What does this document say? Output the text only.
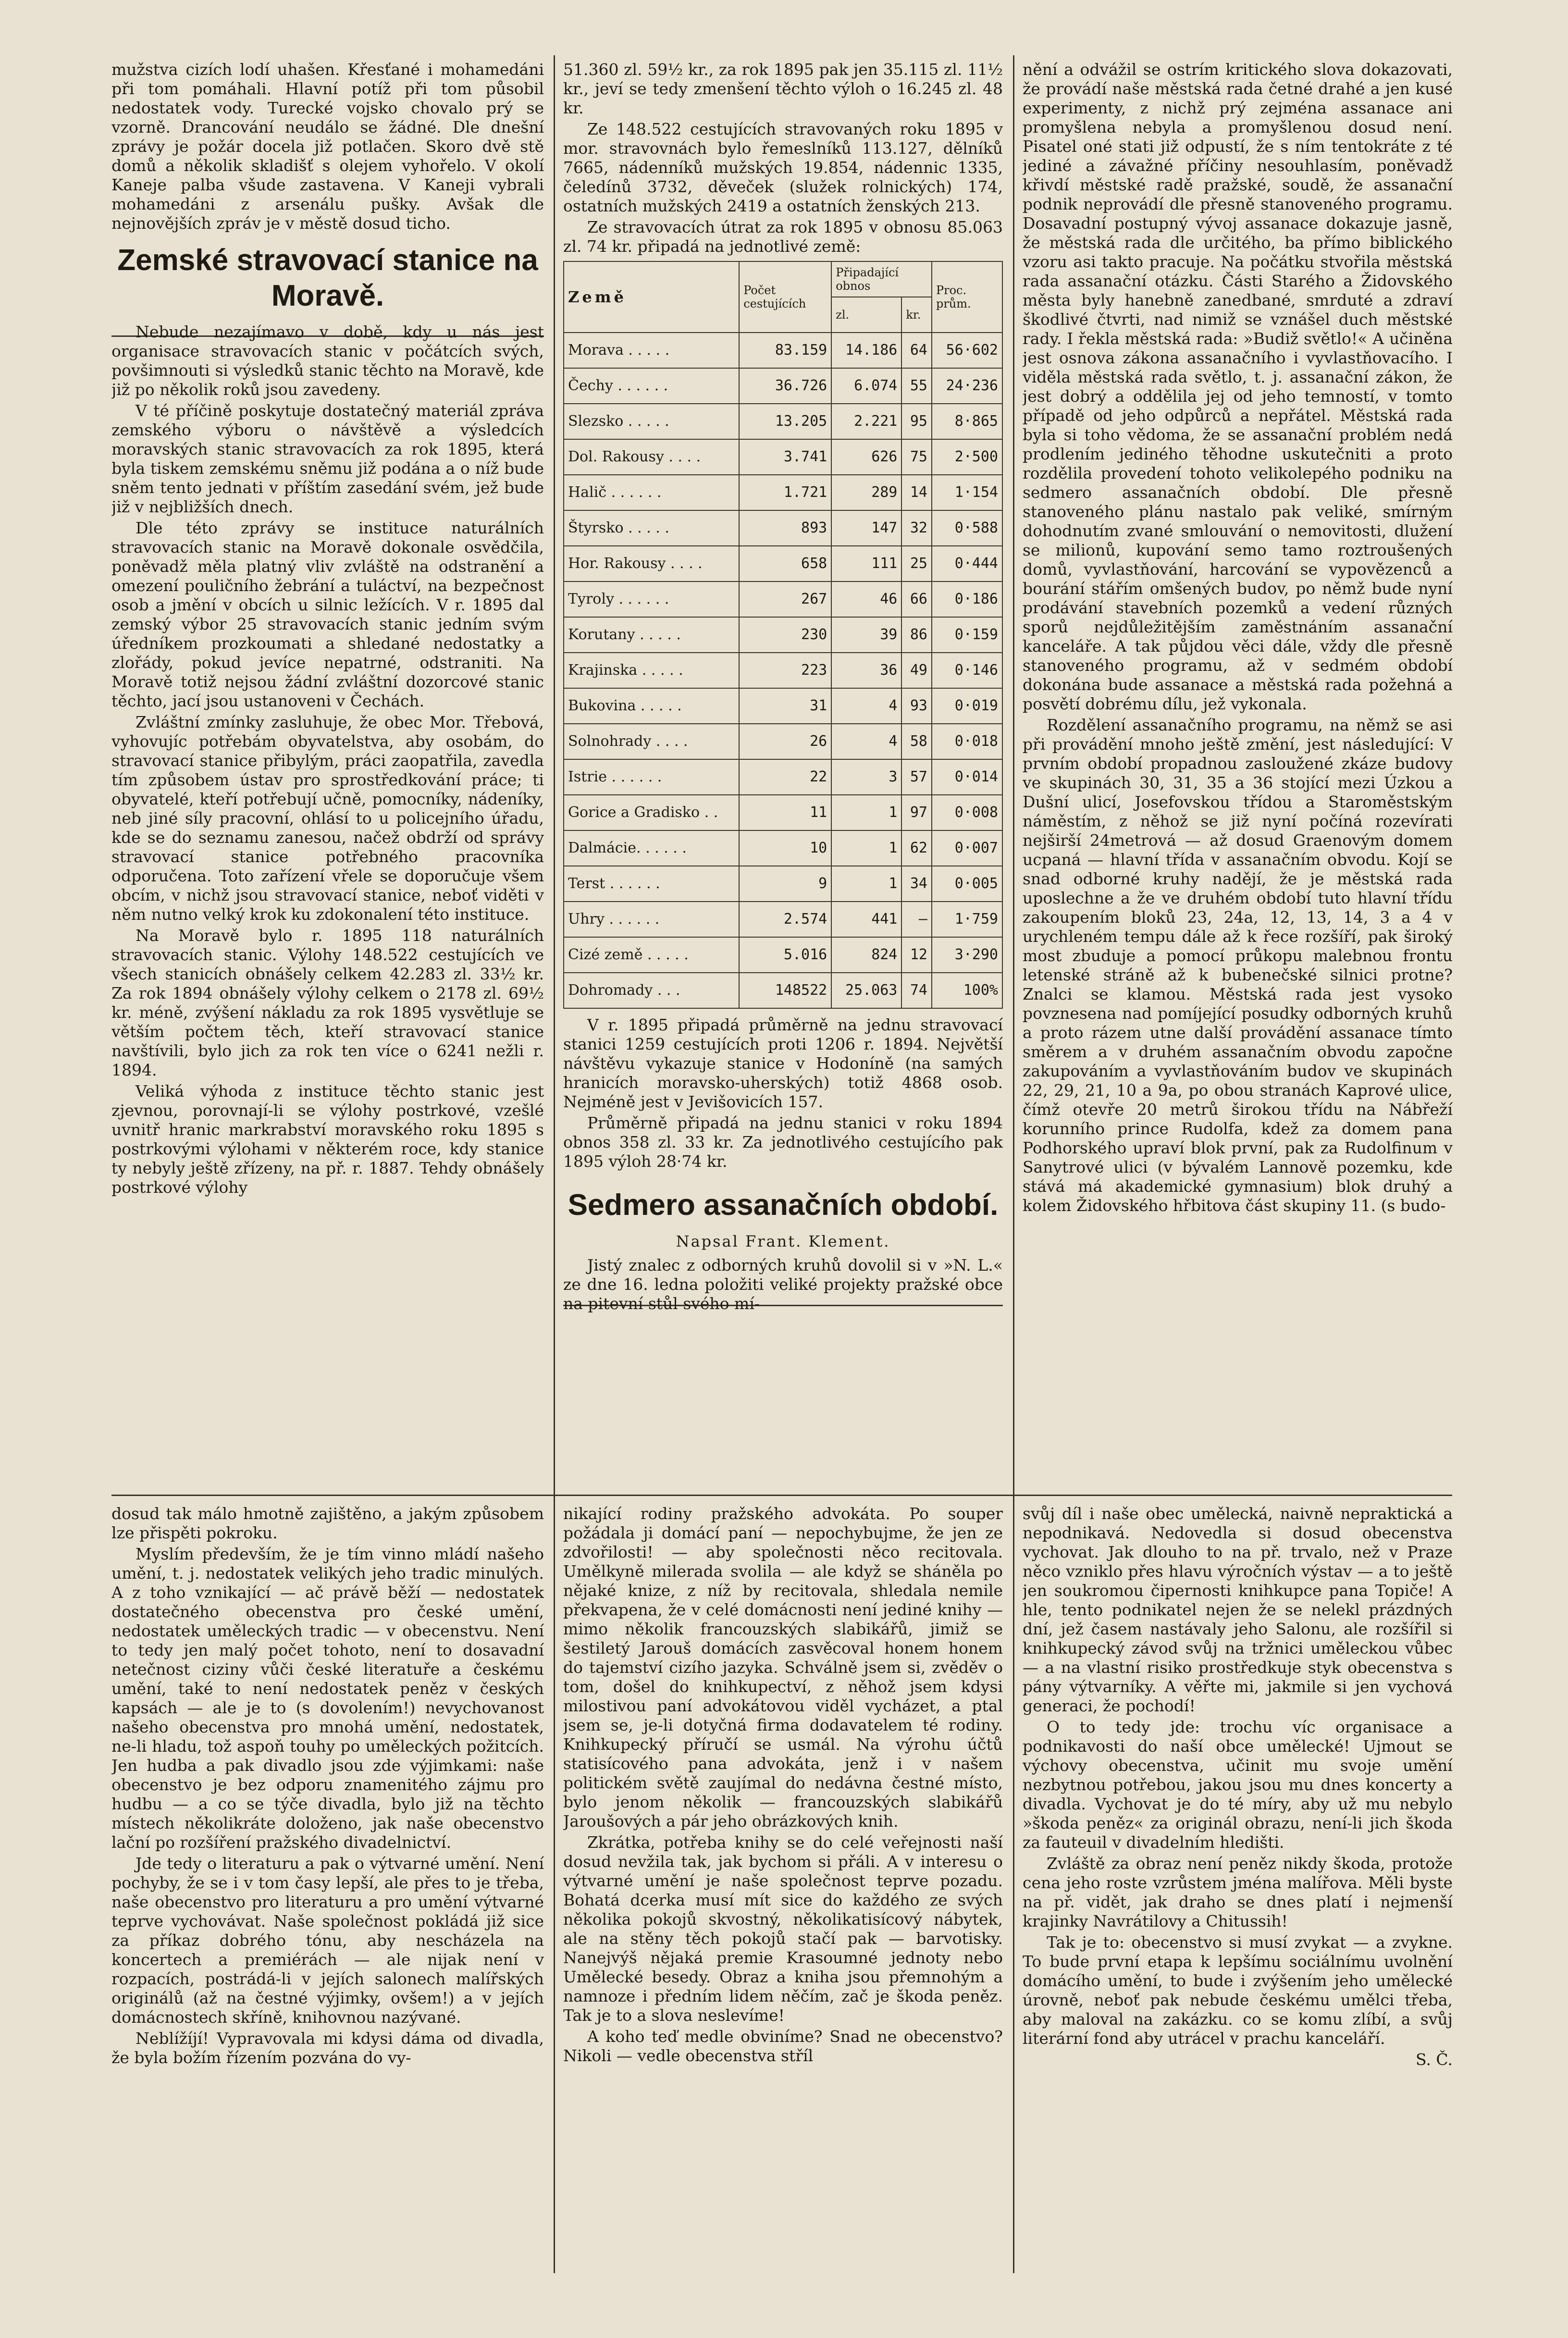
mužstva cizích lodí uhašen. Křesťané i mohamedáni při tom pomáhali. Hlavní potíž při tom působil nedostatek vody. Turecké vojsko chovalo prý se vzorně. Drancování neudálo se žádné. Dle dnešní zprávy je požár docela již potlačen. Skoro dvě stě domů a několik skladišť s olejem vyhořelo. V okolí Kaneje palba všude zastavena. V Kaneji vybrali mohamedáni z arsenálu pušky. Avšak dle nejnovějších zpráv je v městě dosud ticho.

Zemské stravovací stanice na Moravě.

Nebude nezajímavo v době, kdy u nás jest organisace stravovacích stanic v počátcích svých, povšimnouti si výsledků stanic těchto na Moravě, kde již po několik roků jsou zavedeny.

V té příčině poskytuje dostatečný materiál zpráva zemského výboru o návštěvě a výsledcích moravských stanic stravovacích za rok 1895, která byla tiskem zemskému sněmu již podána a o níž bude sněm tento jednati v příštím zasedání svém, jež bude již v nejbližších dnech.

Dle této zprávy se instituce naturálních stravovacích stanic na Moravě dokonale osvědčila, poněvadž měla platný vliv zvláště na odstranění a omezení pouličního žebrání a tuláctví, na bezpečnost osob a jmění v obcích u silnic ležících. V r. 1895 dal zemský výbor 25 stravovacích stanic jedním svým úředníkem prozkoumati a shledané nedostatky a zlořády, pokud jevíce nepatrné, odstraniti. Na Moravě totiž nejsou žádní zvláštní dozorcové stanic těchto, jací jsou ustanoveni v Čechách.

Zvláštní zmínky zasluhuje, že obec Mor. Třebová, vyhovujíc potřebám obyvatelstva, aby osobám, do stravovací stanice přibylým, práci zaopatřila, zavedla tím způsobem ústav pro sprostředkování práce; ti obyvatelé, kteří potřebují učně, pomocníky, nádeníky, neb jiné síly pracovní, ohlásí to u policejního úřadu, kde se do seznamu zanesou, načež obdrží od správy stravovací stanice potřebného pracovníka odporučena. Toto zařízení vřele se doporučuje všem obcím, v nichž jsou stravovací stanice, neboť viděti v něm nutno velký krok ku zdokonalení této instituce.

Na Moravě bylo r. 1895 118 naturálních stravovacích stanic. Výlohy 148.522 cestujících ve všech stanicích obnášely celkem 42.283 zl. 33½ kr. Za rok 1894 obnášely výlohy celkem o 2178 zl. 69½ kr. méně, zvýšení nákladu za rok 1895 vysvětluje se větším počtem těch, kteří stravovací stanice navštívili, bylo jich za rok ten více o 6241 nežli r. 1894.

Veliká výhoda z instituce těchto stanic jest zjevnou, porovnají-li se výlohy postrkové, vzešlé uvnitř hranic markrabství moravského roku 1895 s postrkovými výlohami v některém roce, kdy stanice ty nebyly ještě zřízeny, na př. r. 1887. Tehdy obnášely postrkové výlohy

51.360 zl. 59½ kr., za rok 1895 pak jen 35.115 zl. 11½ kr., jeví se tedy zmenšení těchto výloh o 16.245 zl. 48 kr.

Ze 148.522 cestujících stravovaných roku 1895 v mor. stravovnách bylo řemeslníků 113.127, dělníků 7665, nádenníků mužských 19.854, nádennic 1335, čeledínů 3732, děveček (služek rolnických) 174, ostatních mužských 2419 a ostatních ženských 213.

Ze stravovacích útrat za rok 1895 v obnosu 85.063 zl. 74 kr. připadá na jednotlivé země:

Země	Počet cestujících	Připadající obnos		Proc. prům.
		zl.	kr.	
Morava . . . . .	83.159	14.186	64	56·602
Čechy . . . . . .	36.726	6.074	55	24·236
Slezsko . . . . .	13.205	2.221	95	8·865
Dol. Rakousy . . . .	3.741	626	75	2·500
Halič . . . . . .	1.721	289	14	1·154
Štyrsko . . . . .	893	147	32	0·588
Hor. Rakousy . . . .	658	111	25	0·444
Tyroly . . . . . .	267	46	66	0·186
Korutany . . . . .	230	39	86	0·159
Krajinska . . . . .	223	36	49	0·146
Bukovina . . . . .	31	4	93	0·019
Solnohrady . . . .	26	4	58	0·018
Istrie . . . . . .	22	3	57	0·014
Gorice a Gradisko . .	11	1	97	0·008
Dalmácie. . . . . .	10	1	62	0·007
Terst . . . . . .	9	1	34	0·005
Uhry . . . . . .	2.574	441	—	1·759
Cizé země . . . . .	5.016	824	12	3·290
Dohromady . . .	148522	25.063	74	100%

V r. 1895 připadá průměrně na jednu stravovací stanici 1259 cestujících proti 1206 r. 1894. Největší návštěvu vykazuje stanice v Hodoníně (na samých hranicích moravsko-uherských) totiž 4868 osob. Nejméně jest v Jevišovicích 157.

Průměrně připadá na jednu stanici v roku 1894 obnos 358 zl. 33 kr. Za jednotlivého cestujícího pak 1895 výloh 28·74 kr.

Sedmero assanačních období.
Napsal Frant. Klement.

Jistý znalec z odborných kruhů dovolil si v »N. L.« ze dne 16. ledna položiti veliké projekty pražské obce na pitevní stůl svého mí-

nění a odvážil se ostrím kritického slova dokazovati, že provádí naše městská rada četné drahé a jen kusé experimenty, z nichž prý zejména assanace ani promyšlena nebyla a promyšlenou dosud není. Pisatel oné stati již odpustí, že s ním tentokráte z té jediné a závažné příčiny nesouhlasím, poněvadž křivdí městské radě pražské, soudě, že assanační podnik neprovádí dle přesně stanoveného programu. Dosavadní postupný vývoj assanace dokazuje jasně, že městská rada dle určitého, ba přímo biblického vzoru asi takto pracuje. Na počátku stvořila městská rada assanační otázku. Části Starého a Židovského města byly hanebně zanedbané, smrduté a zdraví škodlivé čtvrti, nad nimiž se vznášel duch městské rady. I řekla městská rada: »Budiž světlo!« A učiněna jest osnova zákona assanačního i vyvlastňovacího. I viděla městská rada světlo, t. j. assanační zákon, že jest dobrý a oddělila jej od jeho temností, v tomto případě od jeho odpůrců a nepřátel. Městská rada byla si toho vědoma, že se assanační problém nedá prodlením jediného těhodne uskutečniti a proto rozdělila provedení tohoto velikolepého podniku na sedmero assanačních období. Dle přesně stanoveného plánu nastalo pak veliké, smírným dohodnutím zvané smlouvání o nemovitosti, dlužení se milionů, kupování semo tamo roztroušených domů, vyvlastňování, harcování se vypovězenců a bourání stářím omšených budov, po němž bude nyní prodávání stavebních pozemků a vedení různých sporů nejdůležitějším zaměstnáním assanační kanceláře. A tak půjdou věci dále, vždy dle přesně stanoveného programu, až v sedmém období dokonána bude assanace a městská rada požehná a posvětí dobrému dílu, jež vykonala.

Rozdělení assanačního programu, na němž se asi při provádění mnoho ještě změní, jest následující: V prvním období propadnou zasloužené zkáze budovy ve skupinách 30, 31, 35 a 36 stojící mezi Úzkou a Dušní ulicí, Josefovskou třídou a Staroměstským náměstím, z něhož se již nyní počíná rozevírati nejširší 24metrová — až dosud Graenovým domem ucpaná — hlavní třída v assanačním obvodu. Kojí se snad odborné kruhy nadějí, že je městská rada uposlechne a že ve druhém období tuto hlavní třídu zakoupením bloků 23, 24a, 12, 13, 14, 3 a 4 v urychleném tempu dále až k řece rozšíří, pak široký most zbuduje a pomocí průkopu malebnou frontu letenské stráně až k bubenečské silnici protne? Znalci se klamou. Městská rada jest vysoko povznesena nad pomíjející posudky odborných kruhů a proto rázem utne další provádění assanace tímto směrem a v druhém assanačním obvodu započne zakupováním a vyvlastňováním budov ve skupinách 22, 29, 21, 10 a 9a, po obou stranách Kaprové ulice, čímž otevře 20 metrů širokou třídu na Nábřeží korunního prince Rudolfa, kdež za domem pana Podhorského upraví blok první, pak za Rudolfinum v Sanytrové ulici (v bývalém Lannově pozemku, kde stává má akademické gymnasium) blok druhý a kolem Židovského hřbitova část skupiny 11. (s budo-

dosud tak málo hmotně zajištěno, a jakým způsobem lze přispěti pokroku.

Myslím především, že je tím vinno mládí našeho umění, t. j. nedostatek velikých jeho tradic minulých. A z toho vznikající — ač právě běží — nedostatek dostatečného obecenstva pro české umění, nedostatek uměleckých tradic — v obecenstvu. Není to tedy jen malý počet tohoto, není to dosavadní netečnost ciziny vůči české literatuře a českému umění, také to není nedostatek peněz v českých kapsách — ale je to (s dovolením!) nevychovanost našeho obecenstva pro mnohá umění, nedostatek, ne-li hladu, tož aspoň touhy po uměleckých požitcích. Jen hudba a pak divadlo jsou zde výjimkami: naše obecenstvo je bez odporu znamenitého zájmu pro hudbu — a co se týče divadla, bylo již na těchto místech několikráte doloženo, jak naše obecenstvo lační po rozšíření pražského divadelnictví.

Jde tedy o literaturu a pak o výtvarné umění. Není pochyby, že se i v tom časy lepší, ale přes to je třeba, naše obecenstvo pro literaturu a pro umění výtvarné teprve vychovávat. Naše společnost pokládá již sice za příkaz dobrého tónu, aby nescházela na koncertech a premiérách — ale nijak není v rozpacích, postrádá-li v jejích salonech malířských originálů (až na čestné výjimky, ovšem!) a v jejích domácnostech skříně, knihovnou nazývané.

Neblížíjí! Vypravovala mi kdysi dáma od divadla, že byla božím řízením pozvána do vy-

nikající rodiny pražského advokáta. Po souper požádala ji domácí paní — nepochybujme, že jen ze zdvořilosti! — aby společnosti něco recitovala. Umělkyně milerada svolila — ale když se sháněla po nějaké knize, z níž by recitovala, shledala nemile překvapena, že v celé domácnosti není jediné knihy — mimo několik francouzských slabikářů, jimiž se šestiletý Jarouš domácích zasvěcoval honem honem do tajemství cizího jazyka. Schválně jsem si, zvěděv o tom, došel do knihkupectví, z něhož jsem kdysi milostivou paní advokátovou viděl vycházet, a ptal jsem se, je-li dotyčná firma dodavatelem té rodiny. Knihkupecký příručí se usmál. Na výrohu účtů statisícového pana advokáta, jenž i v našem politickém světě zaujímal do nedávna čestné místo, bylo jenom několik — francouzských slabikářů Jaroušových a pár jeho obrázkových knih.

Zkrátka, potřeba knihy se do celé veřejnosti naší dosud nevžila tak, jak bychom si přáli. A v interesu o výtvarné umění je naše společnost teprve pozadu. Bohatá dcerka musí mít sice do každého ze svých několika pokojů skvostný, několikatisícový nábytek, ale na stěny těch pokojů stačí pak — barvotisky. Nanejvýš nějaká premie Krasoumné jednoty nebo Umělecké besedy. Obraz a kniha jsou přemnohým a namnoze i předním lidem něčím, zač je škoda peněz. Tak je to a slova neslevíme!

A koho teď medle obviníme? Snad ne obecenstvo? Nikoli — vedle obecenstva stříl

svůj díl i naše obec umělecká, naivně nepraktická a nepodnikavá. Nedovedla si dosud obecenstva vychovat. Jak dlouho to na př. trvalo, než v Praze něco vzniklo přes hlavu výročních výstav — a to ještě jen soukromou čipernosti knihkupce pana Topiče! A hle, tento podnikatel nejen že se nelekl prázdných dní, jež časem nastávaly jeho Salonu, ale rozšířil si knihkupecký závod svůj na tržnici uměleckou vůbec — a na vlastní risiko prostředkuje styk obecenstva s pány výtvarníky. A věřte mi, jakmile si jen vychová generaci, že pochodí!

O to tedy jde: trochu víc organisace a podnikavosti do naší obce umělecké! Ujmout se výchovy obecenstva, učinit mu svoje umění nezbytnou potřebou, jakou jsou mu dnes koncerty a divadla. Vychovat je do té míry, aby už mu nebylo »škoda peněz« za originál obrazu, není-li jich škoda za fauteuil v divadelním hledišti.

Zvláště za obraz není peněz nikdy škoda, protože cena jeho roste vzrůstem jména malířova. Měli byste na př. vidět, jak draho se dnes platí i nejmenší krajinky Navrátilovy a Chitussih!

Tak je to: obecenstvo si musí zvykat — a zvykne. To bude první etapa k lepšímu sociálnímu uvolnění domácího umění, to bude i zvýšením jeho umělecké úrovně, neboť pak nebude českému umělci třeba, aby maloval na zakázku. co se komu zlíbí, a svůj literární fond aby utrácel v prachu kanceláří.

S. Č.
